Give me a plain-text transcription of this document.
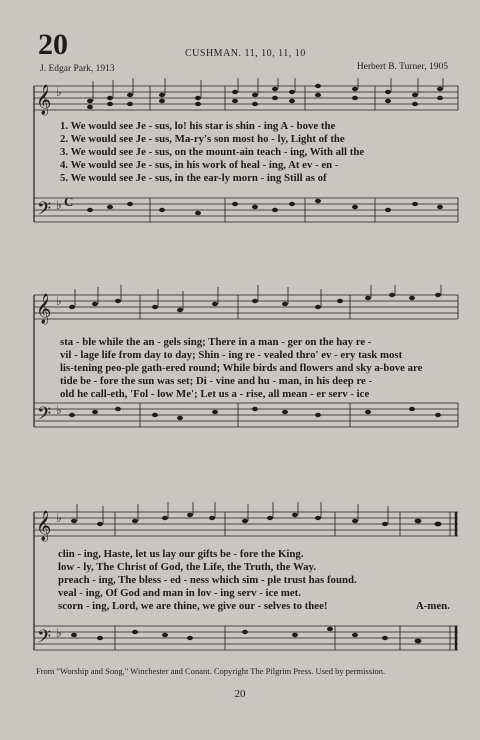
20	CUSHMAN. 11, 10, 11, 10
J. Edgar Park, 1913	Herbert B. Turner, 1905
𝄞
𝄢
♭
♭ C
1. We would see Je - sus, lo! his star is shin - ing A - bove the
2. We would see Je - sus, Ma-ry's son most ho - ly, Light of the
3. We would see Je - sus, on the mount-ain teach - ing, With all the
4. We would see Je - sus, in his work of heal - ing, At ev - en -
5. We would see Je - sus, in the ear-ly morn - ing Still as of
𝄞
𝄢
♭
♭
sta - ble while the an - gels sing; There in a man - ger on the hay re -
vil - lage life from day to day; Shin - ing re - vealed thro' ev - ery task most
lis-tening peo-ple gath-ered round; While birds and flowers and sky a-bove are
tide be - fore the sun was set; Di - vine and hu - man, in his deep re -
old he call-eth, 'Fol - low Me'; Let us a - rise, all mean - er serv - ice
𝄞
𝄢
♭
♭
clin - ing, Haste, let us lay our gifts be - fore the King.
low - ly, The Christ of God, the Life, the Truth, the Way.
preach - ing, The bless - ed - ness which sim - ple trust has found.
veal - ing, Of God and man in lov - ing serv - ice met.
scorn - ing, Lord, we are thine, we give our - selves to thee!	A-men.
From "Worship and Song," Winchester and Conant. Copyright The Pilgrim Press. Used by permission.
20
